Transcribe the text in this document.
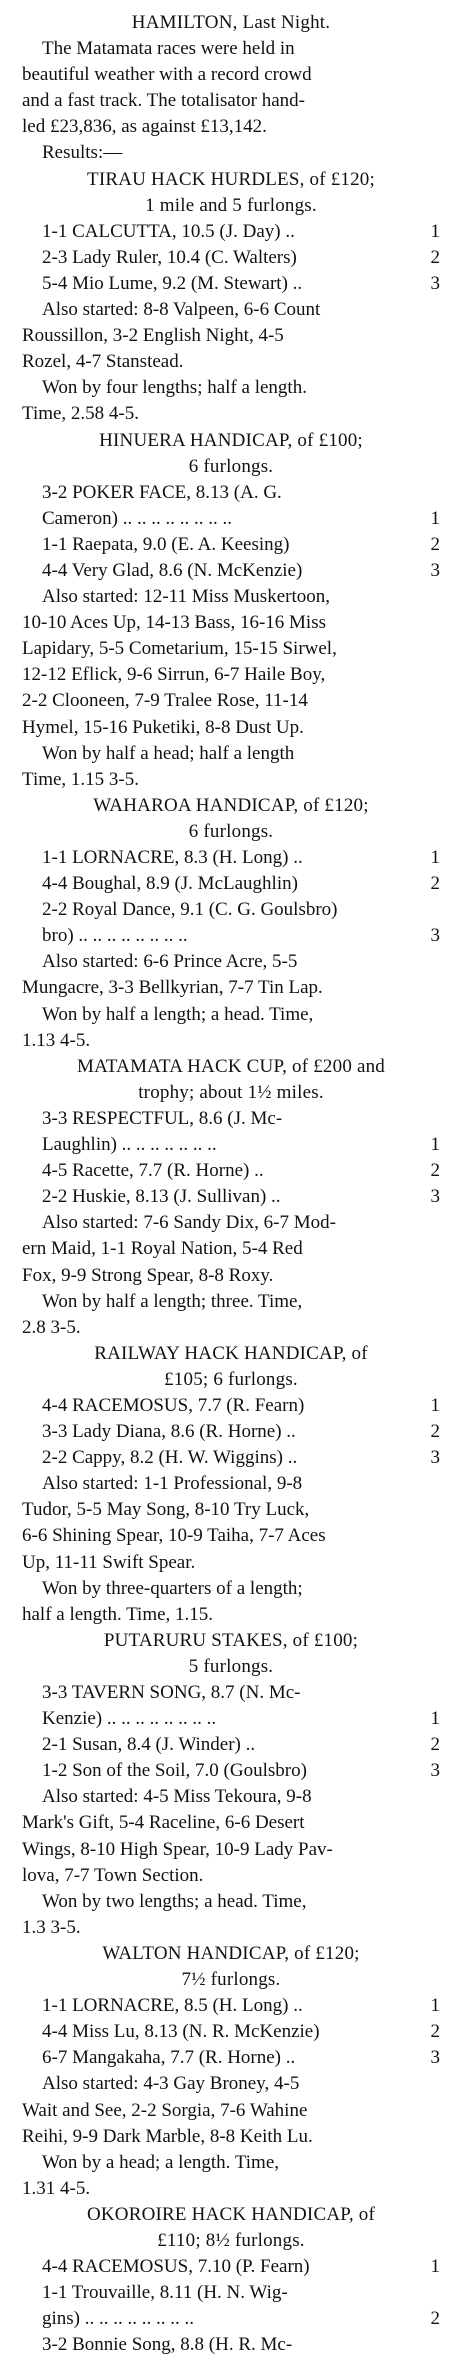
HAMILTON, Last Night.
The Matamata races were held in
beautiful weather with a record crowd
and a fast track. The totalisator hand-
led £23,836, as against £13,142.
Results:—
TIRAU HACK HURDLES, of £120;
1 mile and 5 furlongs.
1-1 CALCUTTA, 10.5 (J. Day) ..	1
2-3 Lady Ruler, 10.4 (C. Walters)	2
5-4 Mio Lume, 9.2 (M. Stewart) ..	3
Also started: 8-8 Valpeen, 6-6 Count
Roussillon, 3-2 English Night, 4-5
Rozel, 4-7 Stanstead.
Won by four lengths; half a length.
Time, 2.58 4-5.
HINUERA HANDICAP, of £100;
6 furlongs.
3-2 POKER FACE, 8.13 (A. G.
Cameron) .. .. .. .. .. .. .. ..	1
1-1 Raepata, 9.0 (E. A. Keesing)	2
4-4 Very Glad, 8.6 (N. McKenzie)	3
Also started: 12-11 Miss Muskertoon,
10-10 Aces Up, 14-13 Bass, 16-16 Miss
Lapidary, 5-5 Cometarium, 15-15 Sirwel,
12-12 Eflick, 9-6 Sirrun, 6-7 Haile Boy,
2-2 Clooneen, 7-9 Tralee Rose, 11-14
Hymel, 15-16 Puketiki, 8-8 Dust Up.
Won by half a head; half a length
Time, 1.15 3-5.
WAHAROA HANDICAP, of £120;
6 furlongs.
1-1 LORNACRE, 8.3 (H. Long) ..	1
4-4 Boughal, 8.9 (J. McLaughlin)	2
2-2 Royal Dance, 9.1 (C. G. Goulsbro)
bro) .. .. .. .. .. .. .. ..	3
Also started: 6-6 Prince Acre, 5-5
Mungacre, 3-3 Bellkyrian, 7-7 Tin Lap.
Won by half a length; a head. Time,
1.13 4-5.
MATAMATA HACK CUP, of £200 and
trophy; about 1½ miles.
3-3 RESPECTFUL, 8.6 (J. Mc-
Laughlin) .. .. .. .. .. .. ..	1
4-5 Racette, 7.7 (R. Horne) ..	2
2-2 Huskie, 8.13 (J. Sullivan) ..	3
Also started: 7-6 Sandy Dix, 6-7 Mod-
ern Maid, 1-1 Royal Nation, 5-4 Red
Fox, 9-9 Strong Spear, 8-8 Roxy.
Won by half a length; three. Time,
2.8 3-5.
RAILWAY HACK HANDICAP, of
£105; 6 furlongs.
4-4 RACEMOSUS, 7.7 (R. Fearn)	1
3-3 Lady Diana, 8.6 (R. Horne) ..	2
2-2 Cappy, 8.2 (H. W. Wiggins) ..	3
Also started: 1-1 Professional, 9-8
Tudor, 5-5 May Song, 8-10 Try Luck,
6-6 Shining Spear, 10-9 Taiha, 7-7 Aces
Up, 11-11 Swift Spear.
Won by three-quarters of a length;
half a length. Time, 1.15.
PUTARURU STAKES, of £100;
5 furlongs.
3-3 TAVERN SONG, 8.7 (N. Mc-
Kenzie) .. .. .. .. .. .. .. ..	1
2-1 Susan, 8.4 (J. Winder) ..	2
1-2 Son of the Soil, 7.0 (Goulsbro)	3
Also started: 4-5 Miss Tekoura, 9-8
Mark's Gift, 5-4 Raceline, 6-6 Desert
Wings, 8-10 High Spear, 10-9 Lady Pav-
lova, 7-7 Town Section.
Won by two lengths; a head. Time,
1.3 3-5.
WALTON HANDICAP, of £120;
7½ furlongs.
1-1 LORNACRE, 8.5 (H. Long) ..	1
4-4 Miss Lu, 8.13 (N. R. McKenzie)	2
6-7 Mangakaha, 7.7 (R. Horne) ..	3
Also started: 4-3 Gay Broney, 4-5
Wait and See, 2-2 Sorgia, 7-6 Wahine
Reihi, 9-9 Dark Marble, 8-8 Keith Lu.
Won by a head; a length. Time,
1.31 4-5.
OKOROIRE HACK HANDICAP, of
£110; 8½ furlongs.
4-4 RACEMOSUS, 7.10 (P. Fearn)	1
1-1 Trouvaille, 8.11 (H. N. Wig-
gins) .. .. .. .. .. .. .. ..	2
3-2 Bonnie Song, 8.8 (H. R. Mc-
